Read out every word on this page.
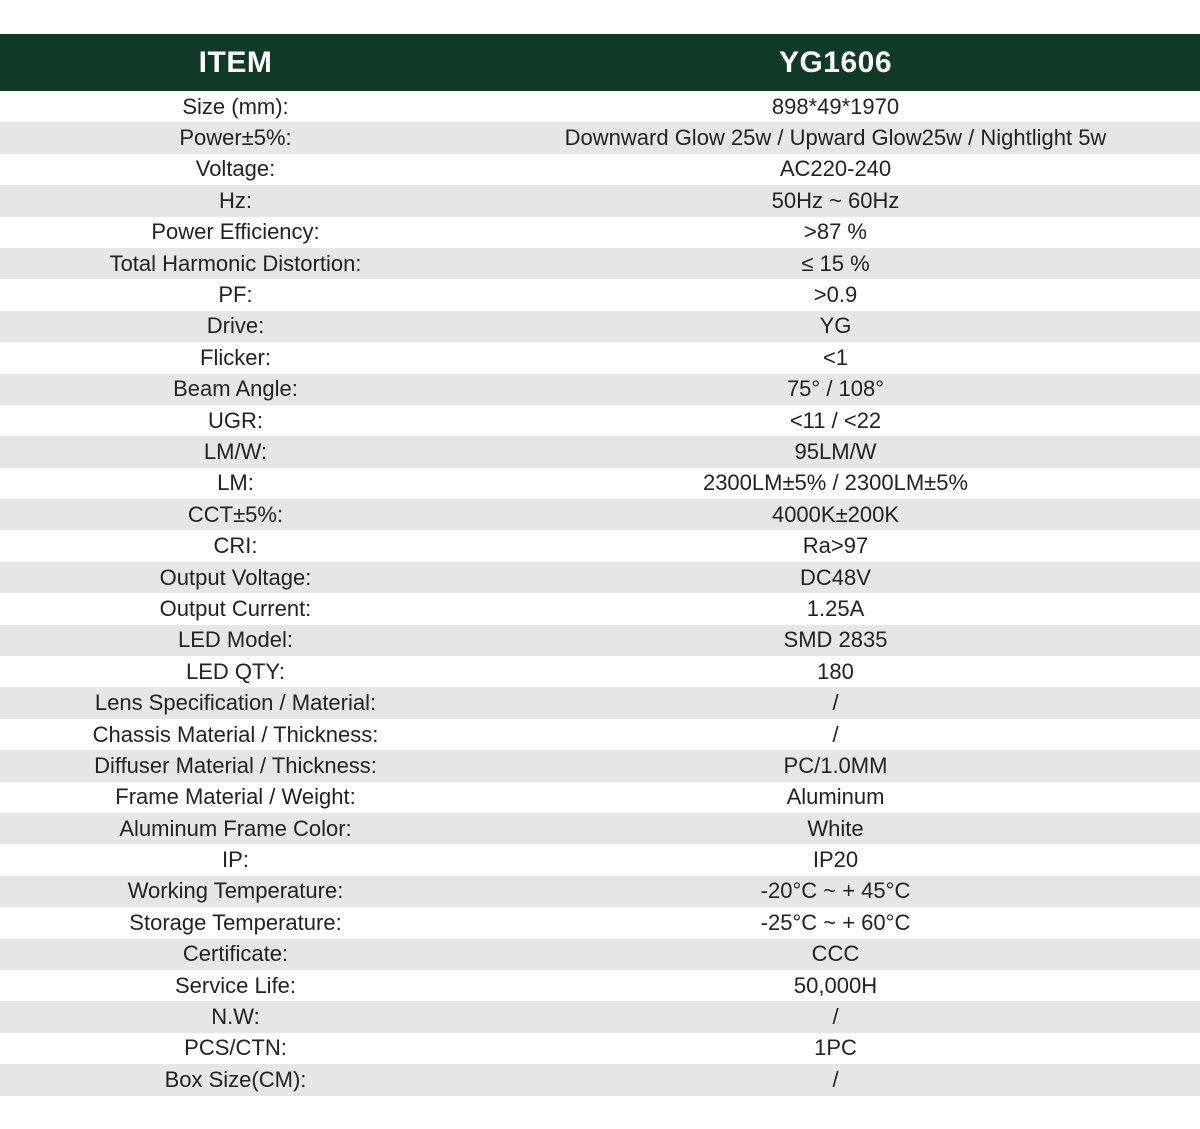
ITEM	YG1606
Size (mm):	898*49*1970
Power±5%:	Downward Glow 25w / Upward Glow25w / Nightlight 5w
Voltage:	AC220-240
Hz:	50Hz ~ 60Hz
Power Efficiency:	>87 %
Total Harmonic Distortion:	≤ 15 %
PF:	>0.9
Drive:	YG
Flicker:	<1
Beam Angle:	75° / 108°
UGR:	<11 / <22
LM/W:	95LM/W
LM:	2300LM±5% / 2300LM±5%
CCT±5%:	4000K±200K
CRI:	Ra>97
Output Voltage:	DC48V
Output Current:	1.25A
LED Model:	SMD 2835
LED QTY:	180
Lens Specification / Material:	/
Chassis Material / Thickness:	/
Diffuser Material / Thickness:	PC/1.0MM
Frame Material / Weight:	Aluminum
Aluminum Frame Color:	White
IP:	IP20
Working Temperature:	-20°C ~ + 45°C
Storage Temperature:	-25°C ~ + 60°C
Certificate:	CCC
Service Life:	50,000H
N.W:	/
PCS/CTN:	1PC
Box Size(CM):	/
